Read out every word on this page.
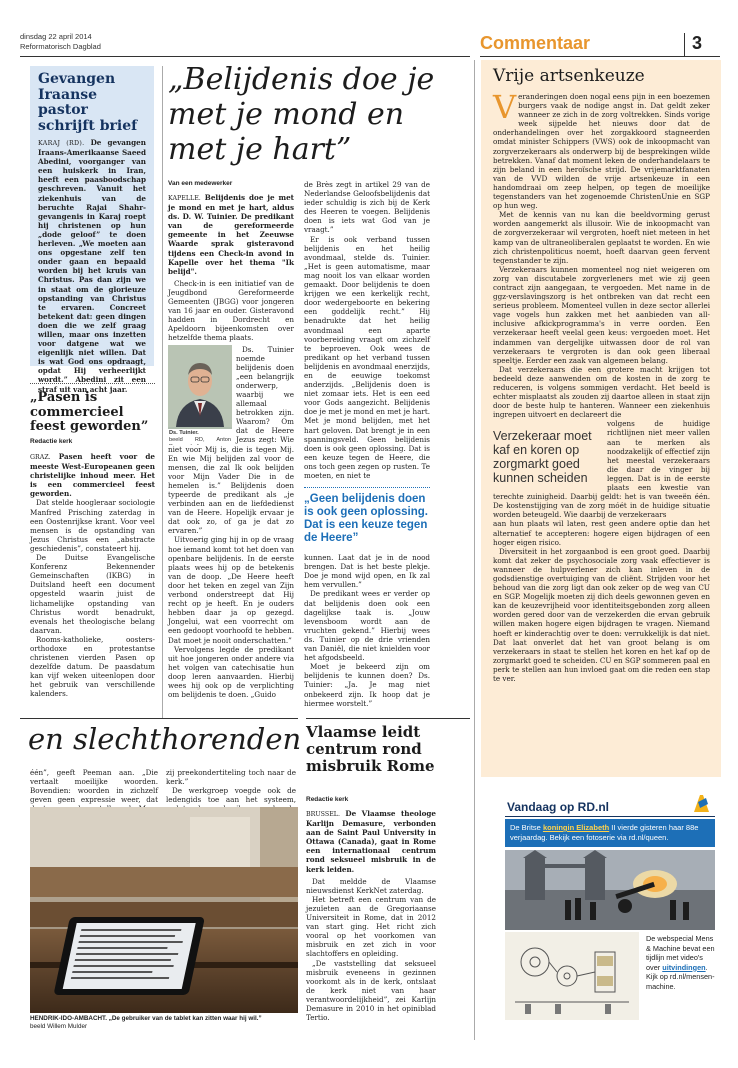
dinsdag 22 april 2014
Reformatorisch Dagblad	Commentaar	3
Gevangen Iraanse pastor schrijft brief
KARAJ (RD). De gevangen Iraans-Amerikaanse Saeed Abedini, voorganger van een huiskerk in Iran, heeft een paasboodschap geschreven. Vanuit het ziekenhuis van de beruchte Rajai Shahr-gevangenis in Karaj roept hij christenen op hun „dode geloof” te doen herleven. „We moeten aan ons opgestane zelf ten onder gaan en bepaald worden bij het kruis van Christus. Pas dan zijn we in staat om de glorieuze opstanding van Christus te ervaren. Concreet betekent dat: geen dingen doen die we zelf graag willen, maar ons inzetten voor datgene wat we eigenlijk niet willen. Dat is wat God ons opdraagt, opdat Hij verheerlijkt wordt.” Abedini zit een straf uit van acht jaar.
„Pasen is commercieel feest geworden”
Redactie kerk
GRAZ. Pasen heeft voor de meeste West-Europeanen geen christelijke inhoud meer. Het is een commercieel feest geworden.

Dat stelde hoogleraar sociologie Manfred Prisching zaterdag in een Oostenrijkse krant. Voor veel mensen is de opstanding van Jezus Christus een „abstracte geschiedenis”, constateert hij.

De Duitse Evangelische Konferenz Bekennender Gemeinschaften (IKBG) in Duitsland heeft een document opgesteld waarin juist de lichamelijke opstanding van Christus wordt benadrukt, evenals het theologische belang daarvan.

Rooms-katholieke, oosters-orthodoxe en protestantse christenen vierden Pasen op dezelfde datum. De paasdatum kan vijf weken uiteenlopen door het gebruik van verschillende kalenders.

„Belijdenis doe je met je mond en met je hart”
Van een medewerker
KAPELLE. Belijdenis doe je met je mond en met je hart, aldus ds. D. W. Tuinier. De predikant van de gereformeerde gemeente in het Zeeuwse Waarde sprak gisteravond tijdens een Check-in avond in Kapelle over het thema "Ik belijd".

Check-in is een initiatief van de Jeugdbond Gereformeerde Gemeenten (JBGG) voor jongeren van 16 jaar en ouder. Gisteravond hadden in Dordrecht en Apeldoorn bijeenkomsten over hetzelfde thema plaats.

Ds. Tuinier.
beeld RD, Anton

Ds. Tuinier noemde belijdenis doen „een belangrijk onderwerp, waarbij we allemaal betrokken zijn. Waarom? Om dat de Heere Jezus zegt: Wie niet voor Mij is, die is tegen Mij. En wie Mij belijden zal voor de mensen, die zal Ik ook belijden voor Mijn Vader Die in de hemelen is.” Belijdenis doen typeerde de predikant als „je verbinden aan en de liefdedienst van de Heere. Hopelijk ervaar je dat ook zo, of ga je dat zo ervaren.”

Uitvoerig ging hij in op de vraag hoe iemand komt tot het doen van openbare belijdenis. In de eerste plaats wees hij op de betekenis van de doop. „De Heere heeft door het teken en zegel van Zijn verbond onderstreept dat Hij recht op je heeft. En je ouders hebben daar ja op gezegd. Jongelui, wat een voorrecht om een gedoopt voorhoofd te hebben. Dat moet je nooit onderschatten.”

Vervolgens legde de predikant uit hoe jongeren onder andere via het volgen van catechisatie hun doop leren aanvaarden. Hierbij wees hij ook op de verplichting om belijdenis te doen. „Guido

de Brès zegt in artikel 29 van de Nederlandse Geloofsbelijdenis dat ieder schuldig is zich bij de Kerk des Heeren te voegen. Belijdenis doen is iets wat God van je vraagt.”

Er is ook verband tussen belijdenis en het heilig avondmaal, stelde ds. Tuinier. „Het is geen automatisme, maar mag nooit los van elkaar worden gemaakt. Door belijdenis te doen krijgen we een kerkelijk recht, door wedergeboorte en bekering een goddelijk recht.” Hij benadrukte dat het heilig avondmaal een aparte voorbereiding vraagt om zichzelf te beproeven. Ook wees de predikant op het verband tussen belijdenis en avondmaal enerzijds, en de eeuwige toekomst anderzijds. „Belijdenis doen is niet zomaar iets. Het is een eed voor Gods aangezicht. Belijdenis doe je met je mond en met je hart. Met je mond belijden, met het hart geloven. Dat brengt je in een spanningsveld. Geen belijdenis doen is ook geen oplossing. Dat is een keuze tegen de Heere, die ons toch geen zegen op rusten. Te moeten, en niet te

„Geen belijdenis doen is ook geen oplossing. Dat is een keuze tegen de Heere”

kunnen. Laat dat je in de nood brengen. Dat is het beste plekje. Doe je mond wijd open, en Ik zal hem vervullen.”

De predikant wees er verder op dat belijdenis doen ook een dagelijkse taak is. „Jouw levensboom wordt aan de vruchten gekend.” Hierbij wees ds. Tuinier op de drie vrienden van Daniël, die niet knielden voor het afgodsbeeld.

Moet je bekeerd zijn om belijdenis te kunnen doen? Ds. Tuinier: „Ja. Je mag niet onbekeerd zijn. Ik hoop dat je hiermee worstelt.”

en slechthorenden
één”, geeft Peeman aan. „Die vertaalt moeilijke woorden. Bovendien: woorden in zichzelf geven geen expressie weer, dat

zij preekondertiteling toch naar de kerk.”

De werkgroep voegde ook de ledengids toe aan het systeem,

HENDRIK-IDO-AMBACHT. „De gebruiker van de tablet kan zitten waar hij wil.”
beeld Willem Mulder
Vlaamse leidt centrum rond misbruik Rome
Redactie kerk
BRUSSEL. De Vlaamse theologe Karlijn Demasure, verbonden aan de Saint Paul University in Ottawa (Canada), gaat in Rome een internationaal centrum rond seksueel misbruik in de kerk leiden.

Dat meldde de Vlaamse nieuwsdienst KerkNet zaterdag.

Het betreft een centrum van de jezuïeten aan de Gregoriaanse Universiteit in Rome, dat in 2012 van start ging. Het richt zich vooral op het voorkomen van misbruik en zet zich in voor slachtoffers en opleiding.

„De vaststelling dat seksueel misbruik eveneens in gezinnen voorkomt als in de kerk, ontslaat de kerk niet van haar verantwoordelijkheid”, zei Karlijn Demasure in 2010 in het opiniblad Tertio.

Vrije artsenkeuze

Veranderingen doen nogal eens pijn in een boezemen burgers vaak de nodige angst in. Dat geldt zeker wanneer ze zich in de zorg voltrekken. Sinds vorige week sijpelde het nieuws door dat de onderhandelingen over het zorgakkoord stagneerden omdat minister Schippers (VWS) ook de inkoopmacht van zorgverzekeraars als onderwerp bij de besprekingen wilde betrekken. Vanaf dat moment leken de onderhandelaars te zijn beland in een heroïsche strijd. De vrijemarktfanaten van de VVD wilden de vrije artsenkeuze in een handomdraai om zeep helpen, op tegen de moeilijke tegenstanders van het zogenoemde ChristenUnie en SGP op hun weg.

Met de kennis van nu kan die beeldvorming gerust worden aangemerkt als illusoir. Wie de inkoopmacht van de zorgverzekeraar wil vergroten, hoeft niet meteen in het kamp van de ultraneoliberalen geplaatst te worden. En wie zich christenpoliticus noemt, hoeft daarvan geen fervent tegenstander te zijn.

Verzekeraars kunnen momenteel nog niet weigeren om zorg van discutabele zorgverleners met wie zij geen contract zijn aangegaan, te vergoeden. Met name in de ggz-verslavingszorg is het ontbreken van dat recht een serieus probleem. Momenteel vullen in deze sector allerlei vage vogels hun zakken met het aanbieden van all-inclusive afkickprogramma's in verre oorden. Een verzekeraar heeft veelal geen keus: vergoeden moet. Het indammen van dergelijke uitwassen door de rol van verzekeraars te vergroten is dan ook geen liberaal speeltje. Eerder een zaak van algemeen belang.

Dat verzekeraars die een grotere macht krijgen tot bedeeld deze aanwenden om de kosten in de zorg te reduceren, is volgens sommigen verdacht. Het beeld is echter misplaatst als zouden zij daartoe alleen in staat zijn door de beste hulp te hanteren. Wanneer een ziekenhuis ingrepen uitvoert en declareert die

Verzekeraar moet kaf en koren op zorgmarkt goed kunnen scheiden

volgens de huidige richtlijnen niet meer vallen aan te merken als noodzakelijk of effectief zijn het meestal verzekeraars die daar de vinger bij leggen. Dat is in de eerste plaats een kwestie van terechte zuinigheid. Daarbij geldt: het is van tweeën één. De kostenstijging van de zorg móét in de huidige situatie worden beteugeld. Wie daarbij de verzekeraars

aan hun plaats wil laten, rest geen andere optie dan het alternatief te accepteren: hogere eigen bijdragen of een hoger eigen risico.

Diversiteit in het zorgaanbod is een groot goed. Daarbij komt dat zeker de psychosociale zorg vaak effectiever is wanneer de hulpverlener zich kan inleven in de godsdienstige overtuiging van de cliënt. Strijden voor het behoud van die zorg ligt dan ook zeker op de weg van CU en SGP. Mogelijk moeten zij dich deels gewonnen geven en kan de keuzevrijheid voor identiteitsgebonden zorg alleen worden gered door van de verzekerden die ervan gebruik willen maken hogere eigen bijdragen te vragen. Niemand hoeft er kinderachtig over te doen: verrukkelijk is dat niet. Dat laat onverlet dat het van groot belang is om verzekeraars in staat te stellen het koren en het kaf op de zorgmarkt goed te scheiden. CU en SGP sommeren paal en perk te stellen aan hun invloed gaat om die reden een stap te ver.

Vandaag op RD.nl
De Britse koningin Elizabeth II vierde gisteren haar 88e verjaardag. Bekijk een fotoserie via rd.nl/queen.
De webspecial Mens & Machine bevat een tijdlijn met video's over uitvindingen. Kijk op rd.nl/mensen-machine.
